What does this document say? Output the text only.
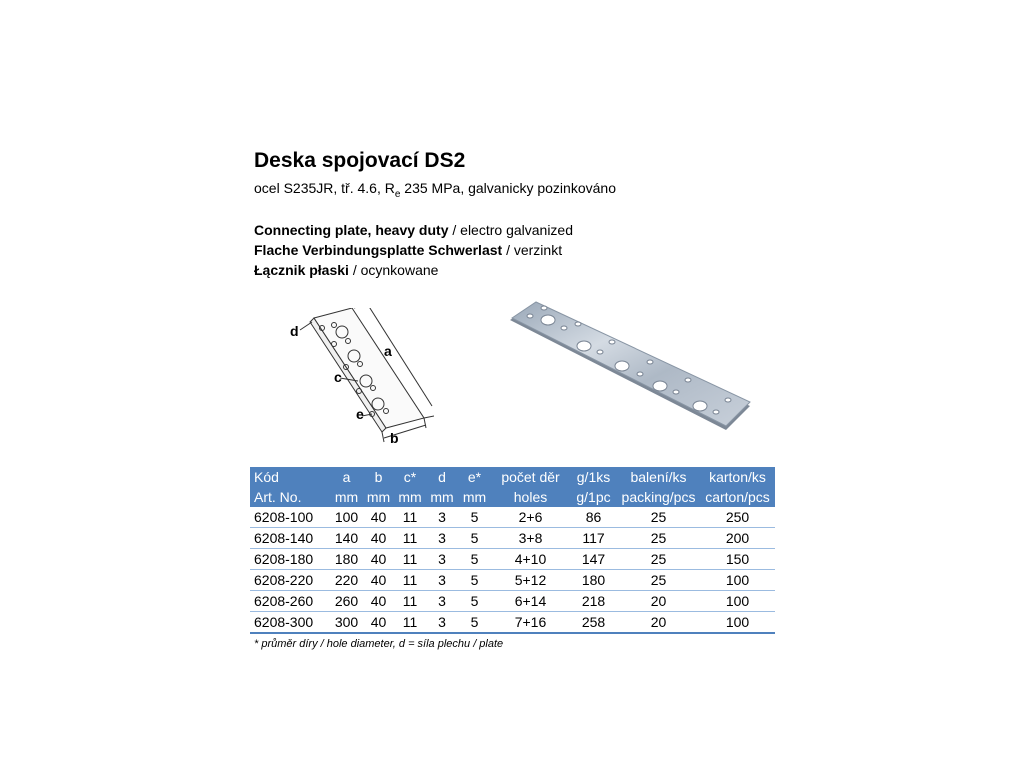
Deska spojovací DS2
ocel S235JR, tř. 4.6, $R_e$ 235 MPa, galvanicky pozinkováno
Connecting plate, heavy duty / electro galvanized
Flache Verbindungsplatte Schwerlast / verzinkt
Łącznik płaski / ocynkowane
d
a
c
e
b
Kód	a	b	c*	d	e*	počet děr	g/1ks	balení/ks	karton/ks
Art. No.	mm	mm	mm	mm	mm	holes	g/1pc	packing/pcs	carton/pcs
6208-100	100	40	11	3	5	2+6	86	25	250
6208-140	140	40	11	3	5	3+8	117	25	200
6208-180	180	40	11	3	5	4+10	147	25	150
6208-220	220	40	11	3	5	5+12	180	25	100
6208-260	260	40	11	3	5	6+14	218	20	100
6208-300	300	40	11	3	5	7+16	258	20	100
* průměr díry / hole diameter, d = síla plechu / plate
